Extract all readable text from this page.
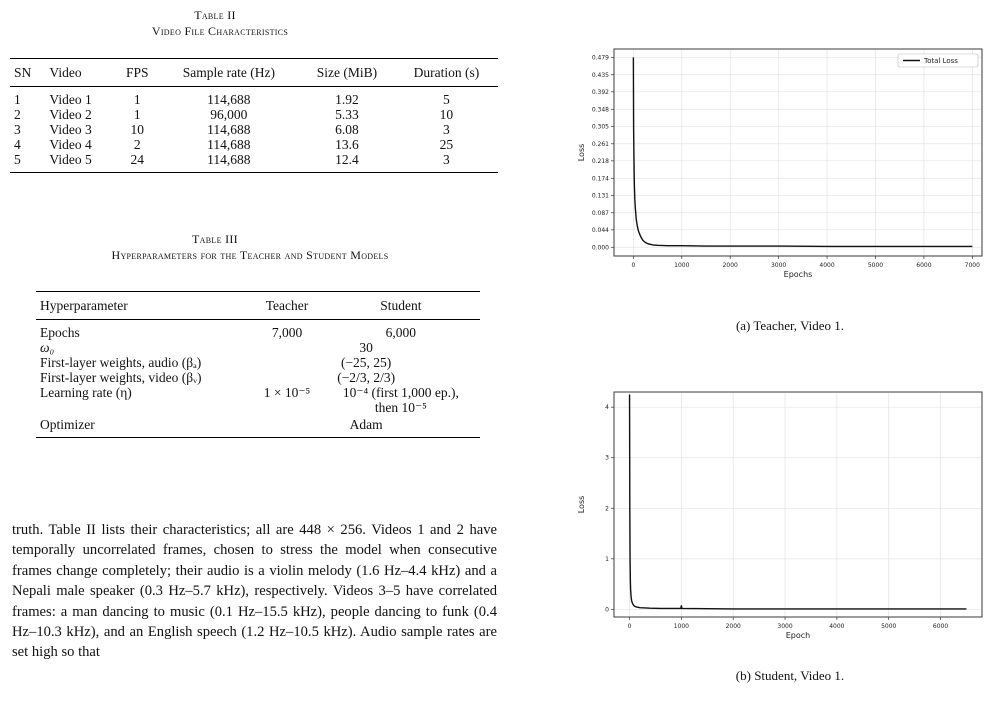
Table II
Video File Characteristics
SN	Video	FPS	Sample rate (Hz)	Size (MiB)	Duration (s)
1	Video 1	1	114,688	1.92	5
2	Video 2	1	96,000	5.33	10
3	Video 3	10	114,688	6.08	3
4	Video 4	2	114,688	13.6	25
5	Video 5	24	114,688	12.4	3
Table III
Hyperparameters for the Teacher and Student Models
Hyperparameter	Teacher	Student
Epochs	7,000	6,000
ω₀	30	
First-layer weights, audio (βₐ)	(−25, 25)	
First-layer weights, video (βᵥ)	(−2/3, 2/3)	
Learning rate (η)	1 × 10⁻⁵	10⁻⁴ (first 1,000 ep.),
then 10⁻⁵

Optimizer	Adam	
truth. Table II lists their characteristics; all are 448 × 256. Videos 1 and 2 have temporally uncorrelated frames, chosen to stress the model when consecutive frames change completely; their audio is a violin melody (1.6 Hz–4.4 kHz) and a Nepali male speaker (0.3 Hz–5.7 kHz), respectively. Videos 3–5 have correlated frames: a man dancing to music (0.1 Hz–15.5 kHz), people dancing to funk (0.4 Hz–10.3 kHz), and an English speech (1.2 Hz–10.5 kHz). Audio sample rates are set high so that
0	1000	2000	3000	4000	5000	6000	7000
0.000
0.044
0.087
0.131
0.174
0.218
0.261
0.305
0.348
0.392
0.435
0.479
Epochs
Loss
Total Loss
(a) Teacher, Video 1.
0	1000	2000	3000	4000	5000	6000
0
1
2
3
4
Epoch
Loss
(b) Student, Video 1.
